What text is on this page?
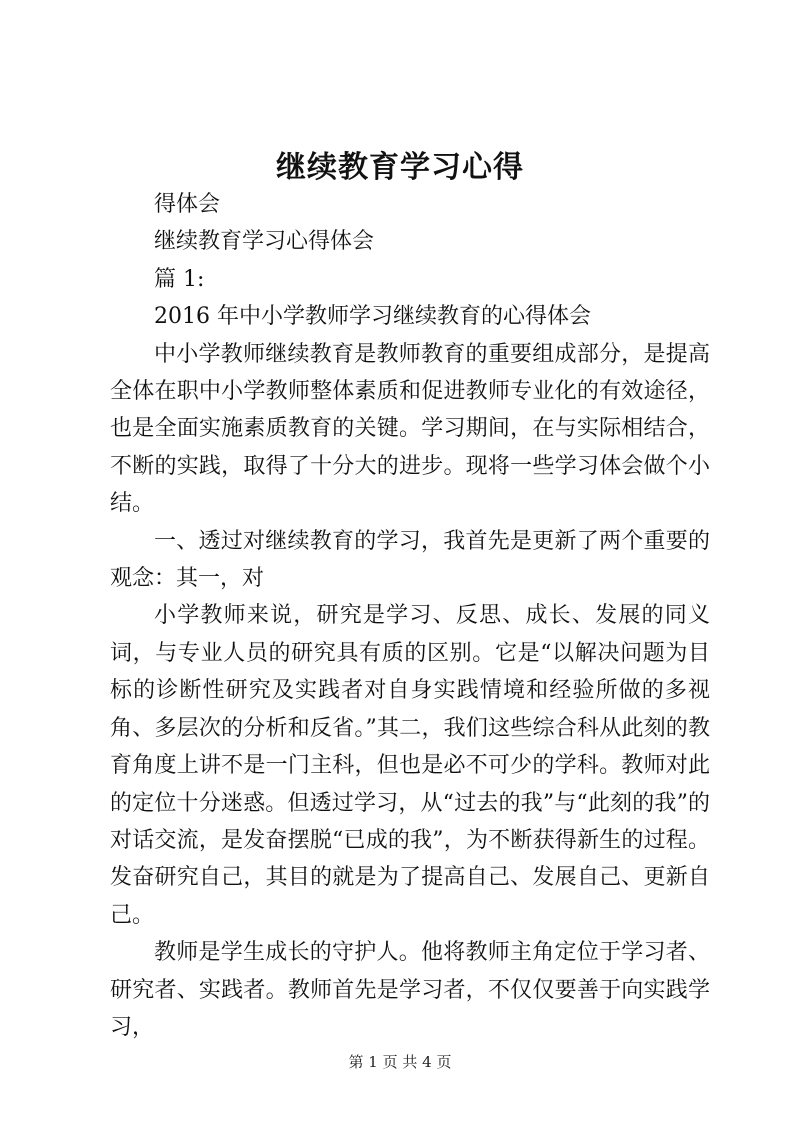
继续教育学习心得

得体会

继续教育学习心得体会

篇 1:

2016 年中小学教师学习继续教育的心得体会

中小学教师继续教育是教师教育的重要组成部分，是提高全体在职中小学教师整体素质和促进教师专业化的有效途径，也是全面实施素质教育的关键。学习期间，在与实际相结合，不断的实践，取得了十分大的进步。现将一些学习体会做个小结。

一、透过对继续教育的学习，我首先是更新了两个重要的观念：其一，对

小学教师来说，研究是学习、反思、成长、发展的同义词，与专业人员的研究具有质的区别。它是“以解决问题为目标的诊断性研究及实践者对自身实践情境和经验所做的多视角、多层次的分析和反省。”其二，我们这些综合科从此刻的教育角度上讲不是一门主科，但也是必不可少的学科。教师对此的定位十分迷惑。但透过学习，从“过去的我”与“此刻的我”的对话交流，是发奋摆脱“已成的我”，为不断获得新生的过程。发奋研究自己，其目的就是为了提高自己、发展自己、更新自己。

教师是学生成长的守护人。他将教师主角定位于学习者、研究者、实践者。教师首先是学习者，不仅仅要善于向实践学习，

第 1 页 共 4 页
